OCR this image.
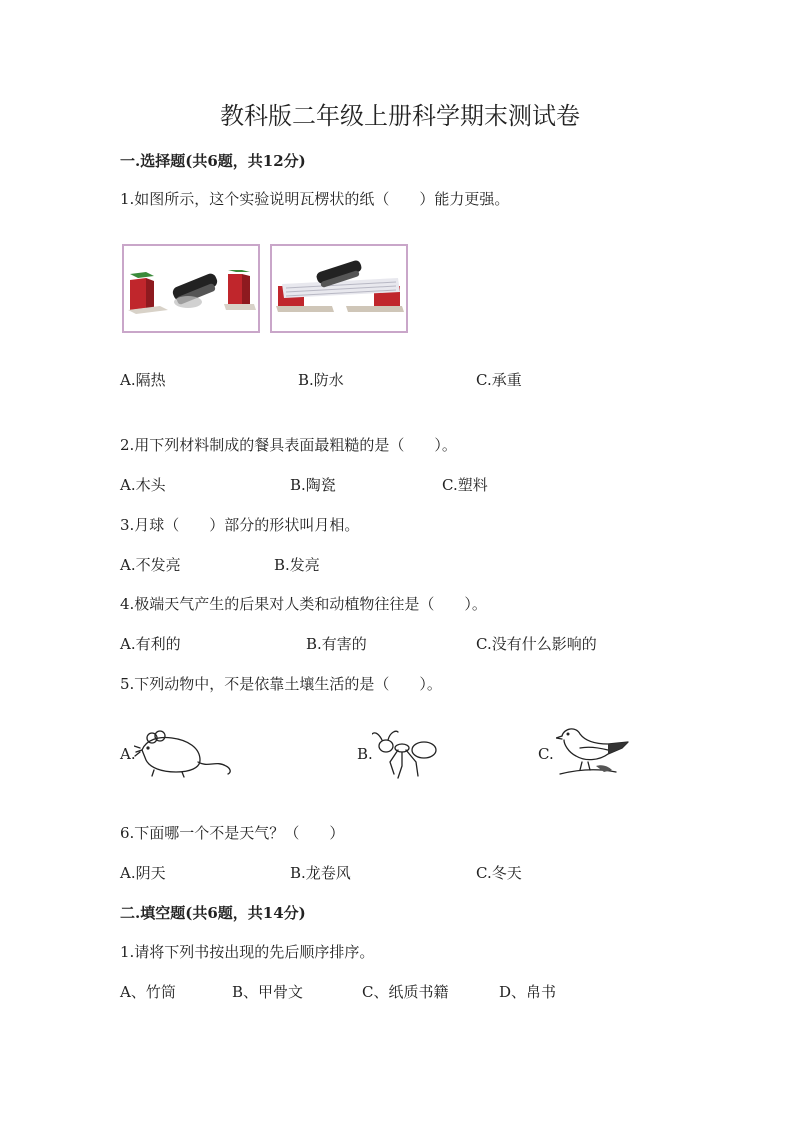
教科版二年级上册科学期末测试卷
一.选择题(共6题，共12分)
1.如图所示，这个实验说明瓦楞状的纸（　　）能力更强。
A.隔热	B.防水	C.承重
2.用下列材料制成的餐具表面最粗糙的是（　　）。
A.木头	B.陶瓷	C.塑料
3.月球（　　）部分的形状叫月相。
A.不发亮	B.发亮
4.极端天气产生的后果对人类和动植物往往是（　　）。
A.有利的	B.有害的	C.没有什么影响的
5.下列动物中，不是依靠土壤生活的是（　　）。
A.	B.	C.
6.下面哪一个不是天气？（　　）
A.阴天	B.龙卷风	C.冬天
二.填空题(共6题，共14分)
1.请将下列书按出现的先后顺序排序。
A、竹筒	B、甲骨文	C、纸质书籍	D、帛书
